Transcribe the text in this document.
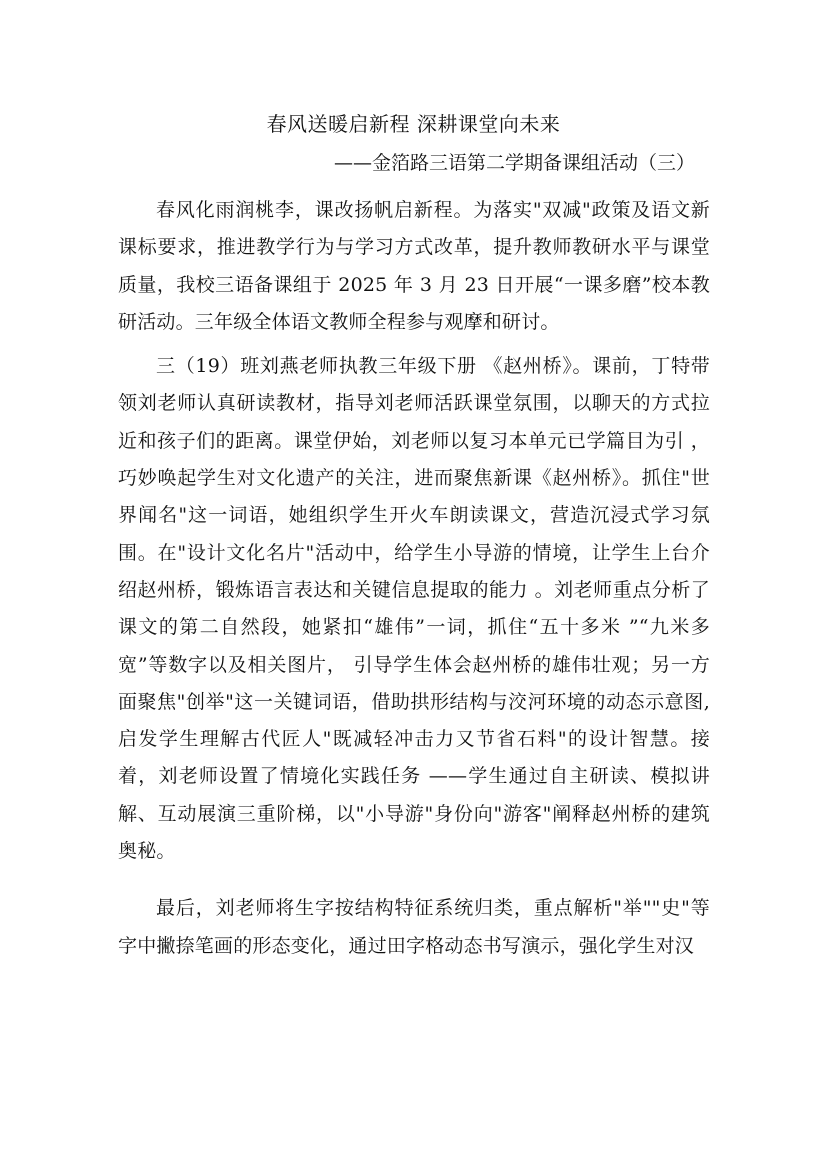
春风送暖启新程 深耕课堂向未来
——金箔路三语第二学期备课组活动（三）

春风化雨润桃李，课改扬帆启新程。为落实"双减"政策及语文新课标要求，推进教学行为与学习方式改革，提升教师教研水平与课堂质量，我校三语备课组于 2025 年 3 月 23 日开展“一课多磨”校本教研活动。三年级全体语文教师全程参与观摩和研讨。

三（19）班刘燕老师执教三年级下册 《赵州桥》。课前，丁特带领刘老师认真研读教材，指导刘老师活跃课堂氛围，以聊天的方式拉近和孩子们的距离。课堂伊始，刘老师以复习本单元已学篇目为引 ，巧妙唤起学生对文化遗产的关注，进而聚焦新课《赵州桥》。抓住"世界闻名"这一词语，她组织学生开火车朗读课文，营造沉浸式学习氛围。在"设计文化名片"活动中，给学生小导游的情境，让学生上台介绍赵州桥，锻炼语言表达和关键信息提取的能力 。刘老师重点分析了课文的第二自然段，她紧扣“雄伟”一词，抓住“五十多米 ”“九米多宽”等数字以及相关图片， 引导学生体会赵州桥的雄伟壮观；另一方面聚焦"创举"这一关键词语，借助拱形结构与洨河环境的动态示意图,启发学生理解古代匠人"既减轻冲击力又节省石料"的设计智慧。接着，刘老师设置了情境化实践任务 ——学生通过自主研读、模拟讲解、互动展演三重阶梯，以"小导游"身份向"游客"阐释赵州桥的建筑奥秘。

最后，刘老师将生字按结构特征系统归类，重点解析"举""史"等字中撇捺笔画的形态变化，通过田字格动态书写演示，强化学生对汉
